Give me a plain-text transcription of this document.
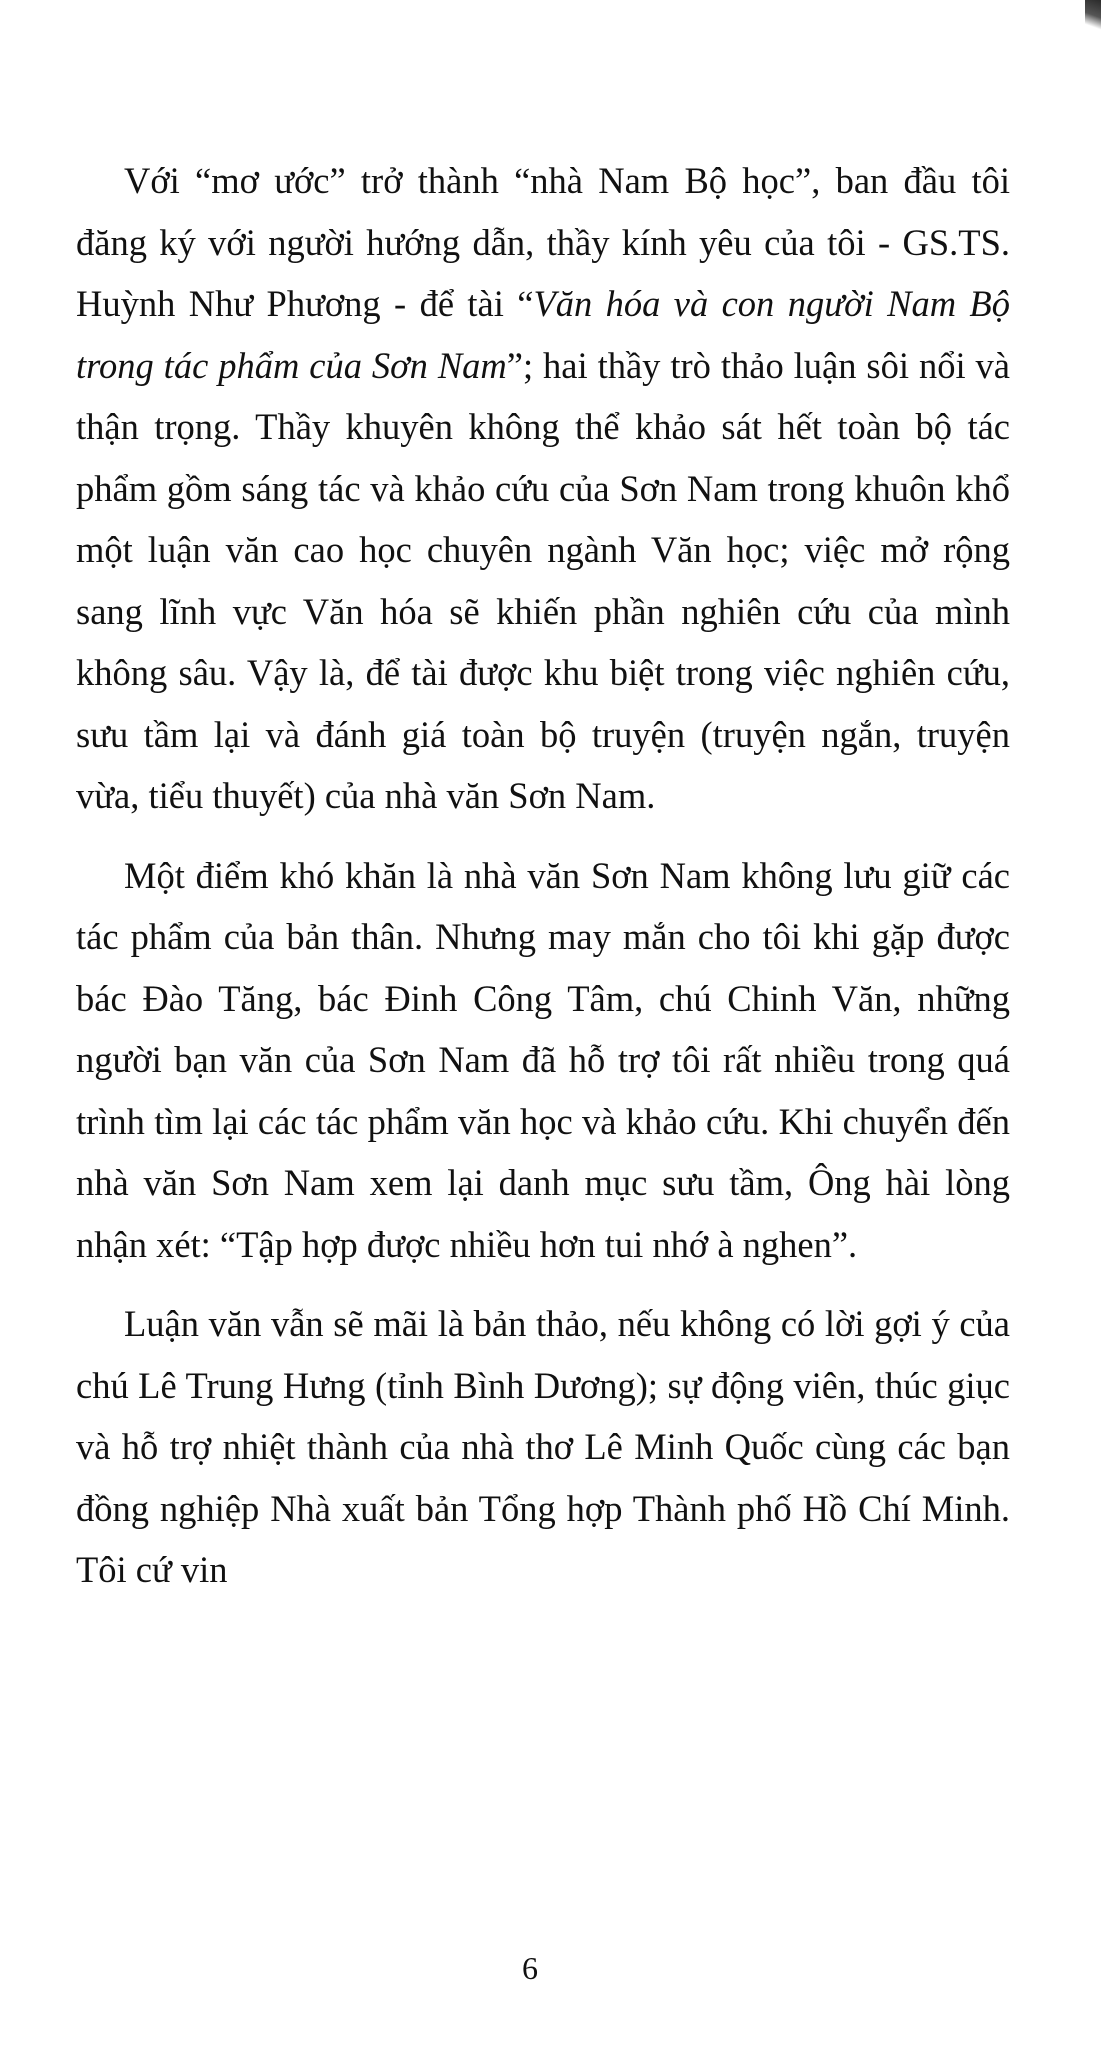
Với “mơ ước” trở thành “nhà Nam Bộ học”, ban đầu tôi đăng ký với người hướng dẫn, thầy kính yêu của tôi - GS.TS. Huỳnh Như Phương - để tài “Văn hóa và con người Nam Bộ trong tác phẩm của Sơn Nam”; hai thầy trò thảo luận sôi nổi và thận trọng. Thầy khuyên không thể khảo sát hết toàn bộ tác phẩm gồm sáng tác và khảo cứu của Sơn Nam trong khuôn khổ một luận văn cao học chuyên ngành Văn học; việc mở rộng sang lĩnh vực Văn hóa sẽ khiến phần nghiên cứu của mình không sâu. Vậy là, để tài được khu biệt trong việc nghiên cứu, sưu tầm lại và đánh giá toàn bộ truyện (truyện ngắn, truyện vừa, tiểu thuyết) của nhà văn Sơn Nam.

Một điểm khó khăn là nhà văn Sơn Nam không lưu giữ các tác phẩm của bản thân. Nhưng may mắn cho tôi khi gặp được bác Đào Tăng, bác Đinh Công Tâm, chú Chinh Văn, những người bạn văn của Sơn Nam đã hỗ trợ tôi rất nhiều trong quá trình tìm lại các tác phẩm văn học và khảo cứu. Khi chuyển đến nhà văn Sơn Nam xem lại danh mục sưu tầm, Ông hài lòng nhận xét: “Tập hợp được nhiều hơn tui nhớ à nghen”.

Luận văn vẫn sẽ mãi là bản thảo, nếu không có lời gợi ý của chú Lê Trung Hưng (tỉnh Bình Dương); sự động viên, thúc giục và hỗ trợ nhiệt thành của nhà thơ Lê Minh Quốc cùng các bạn đồng nghiệp Nhà xuất bản Tổng hợp Thành phố Hồ Chí Minh. Tôi cứ vin

6
